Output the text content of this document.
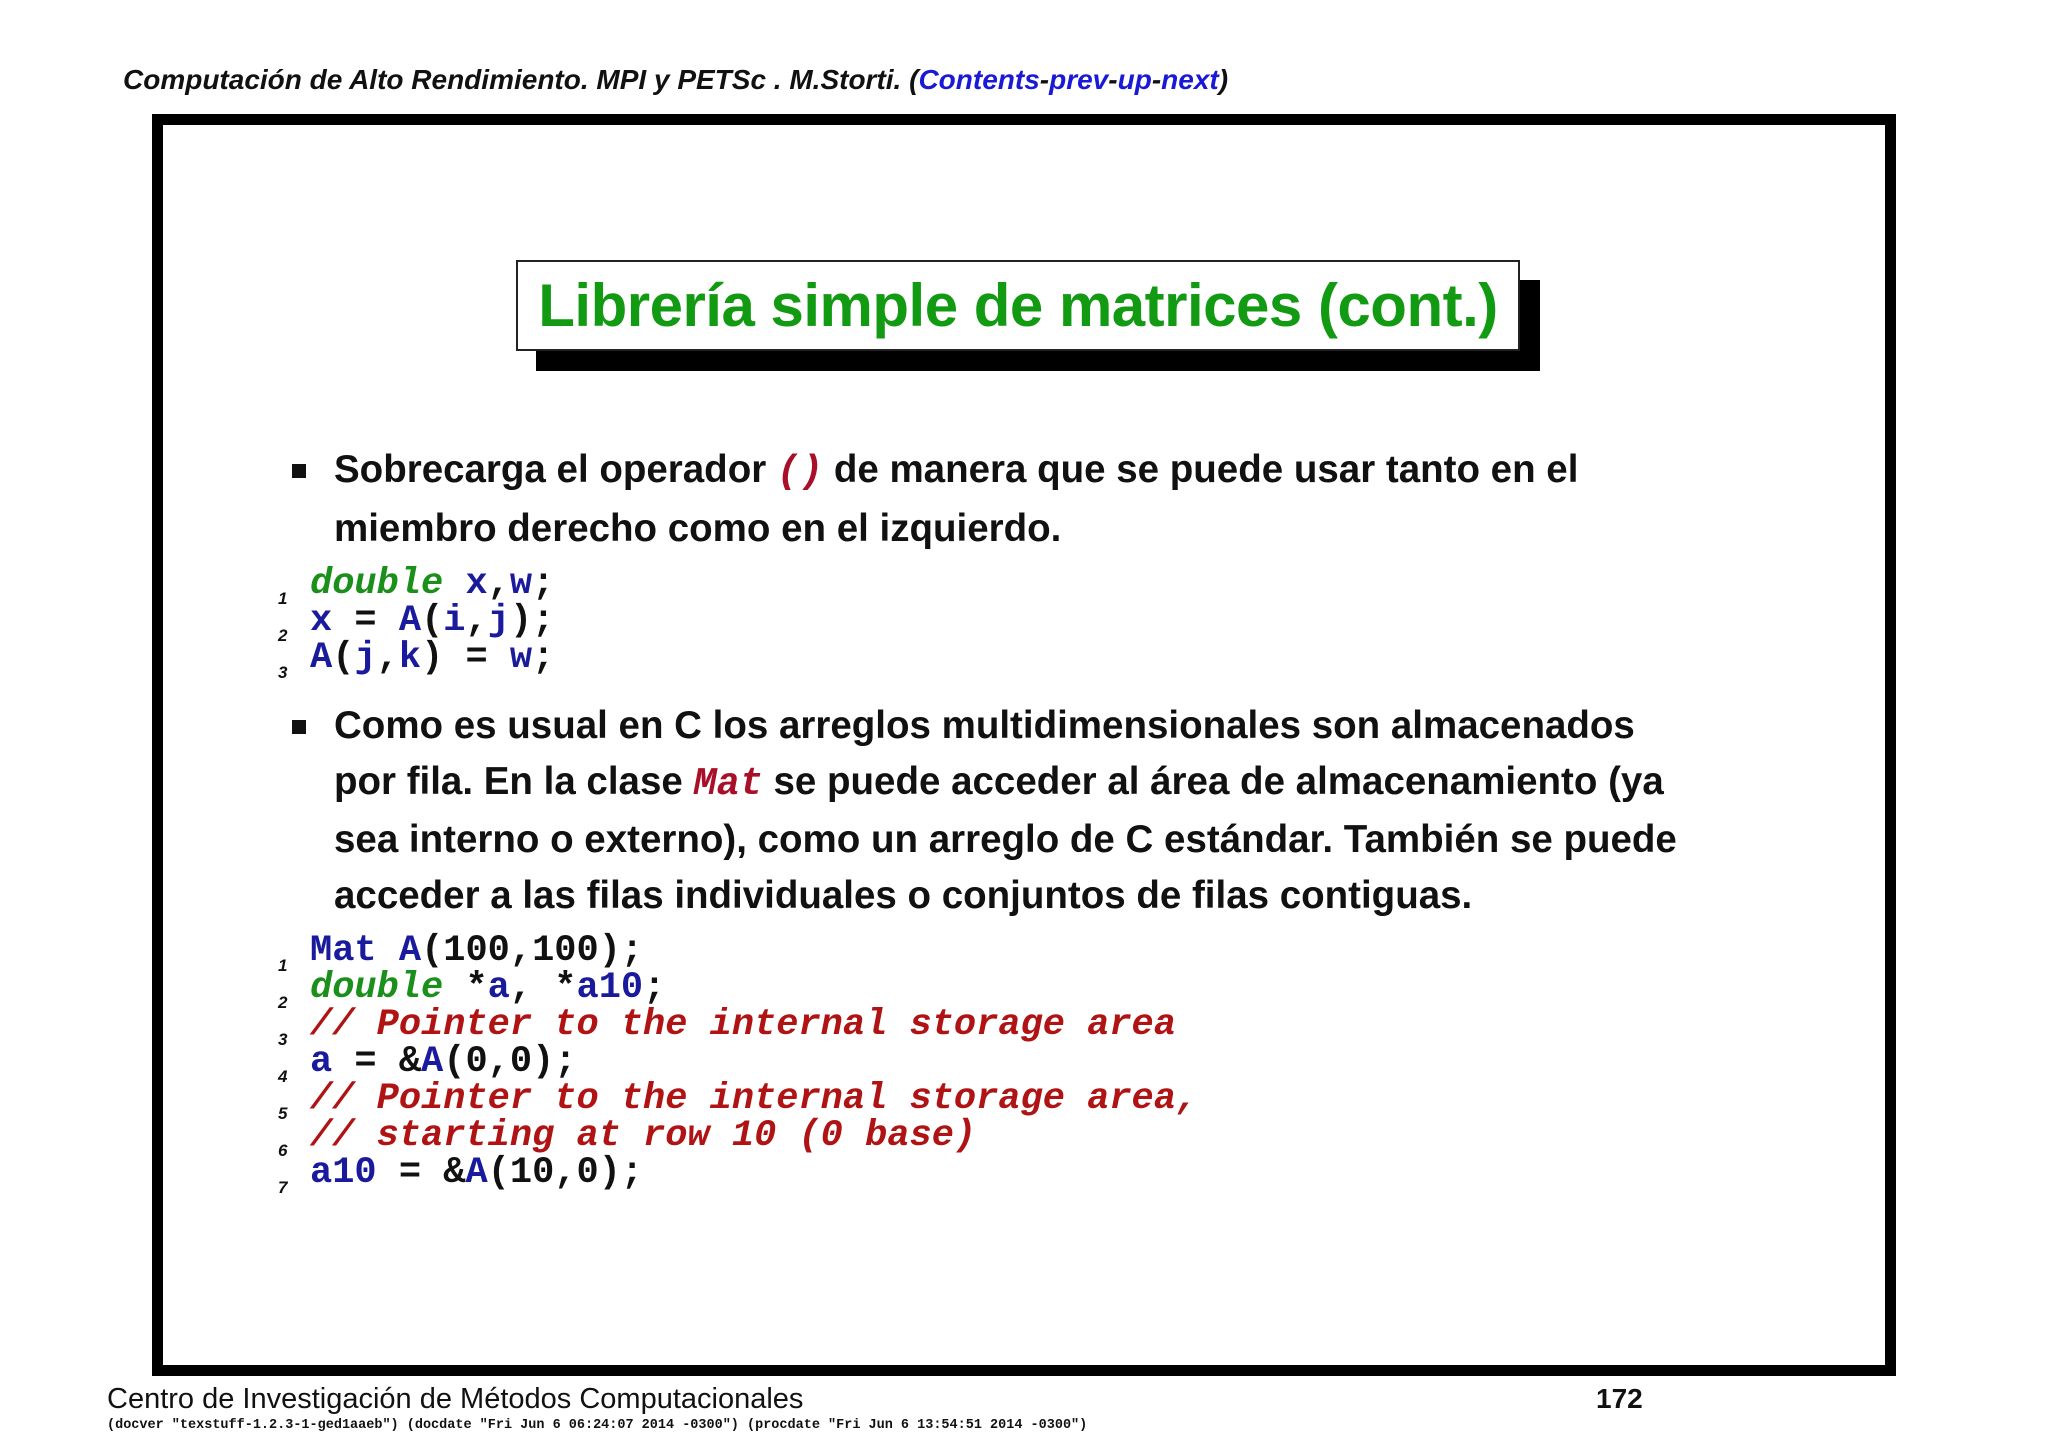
Computación de Alto Rendimiento. MPI y PETSc . M.Storti. (Contents-prev-up-next)
Librería simple de matrices (cont.)
Sobrecarga el operador () de manera que se puede usar tanto en el
miembro derecho como en el izquierdo.

1

double x,w;

2

x = A(i,j);

3

A(j,k) = w;

Como es usual en C los arreglos multidimensionales son almacenados
por fila. En la clase Mat se puede acceder al área de almacenamiento (ya
sea interno o externo), como un arreglo de C estándar. También se puede
acceder a las filas individuales o conjuntos de filas contiguas.

1

Mat A(100,100);

2

double *a, *a10;

3

// Pointer to the internal storage area

4

a = &A(0,0);

5

// Pointer to the internal storage area,

6

// starting at row 10 (0 base)

7

a10 = &A(10,0);

Centro de Investigación de Métodos Computacionales	172
(docver "texstuff-1.2.3-1-ged1aaeb") (docdate "Fri Jun 6 06:24:07 2014 -0300") (procdate "Fri Jun 6 13:54:51 2014 -0300")
